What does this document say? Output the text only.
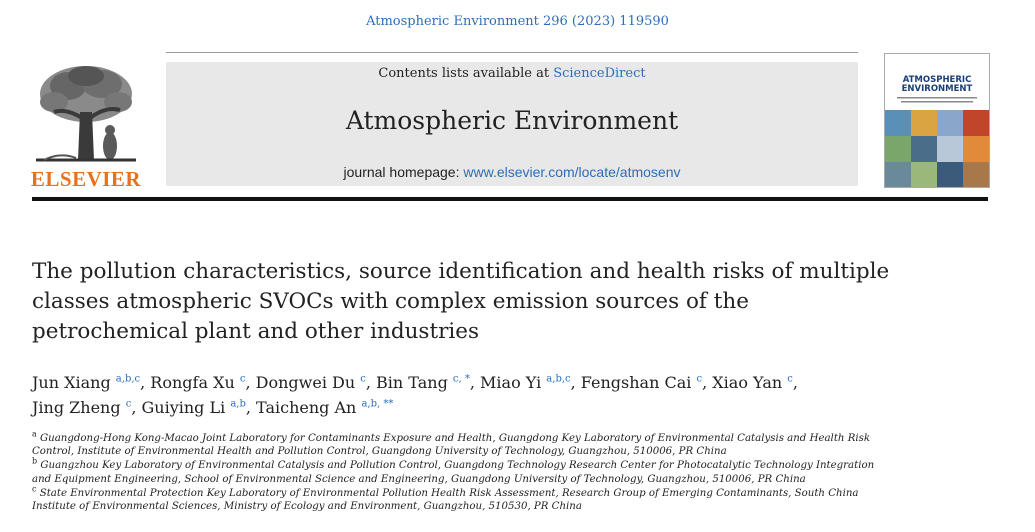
Atmospheric Environment 296 (2023) 119590
ELSEVIER
Contents lists available at ScienceDirect
Atmospheric Environment
journal homepage: www.elsevier.com/locate/atmosenv
ATMOSPHERIC
ENVIRONMENT
The pollution characteristics, source identification and health risks of multiple classes atmospheric SVOCs with complex emission sources of the petrochemical plant and other industries
Jun Xiang $^{a,b,c}$, Rongfa Xu $^c$, Dongwei Du $^c$, Bin Tang $^{c, *}$, Miao Yi $^{a,b,c}$, Fengshan Cai $^c$, Xiao Yan $^c$,
Jing Zheng $^c$, Guiying Li $^{a,b}$, Taicheng An $^{a,b, **}$

$^a$ Guangdong-Hong Kong-Macao Joint Laboratory for Contaminants Exposure and Health, Guangdong Key Laboratory of Environmental Catalysis and Health Risk Control, Institute of Environmental Health and Pollution Control, Guangdong University of Technology, Guangzhou, 510006, PR China

$^b$ Guangzhou Key Laboratory of Environmental Catalysis and Pollution Control, Guangdong Technology Research Center for Photocatalytic Technology Integration and Equipment Engineering, School of Environmental Science and Engineering, Guangdong University of Technology, Guangzhou, 510006, PR China

$^c$ State Environmental Protection Key Laboratory of Environmental Pollution Health Risk Assessment, Research Group of Emerging Contaminants, South China Institute of Environmental Sciences, Ministry of Ecology and Environment, Guangzhou, 510530, PR China
